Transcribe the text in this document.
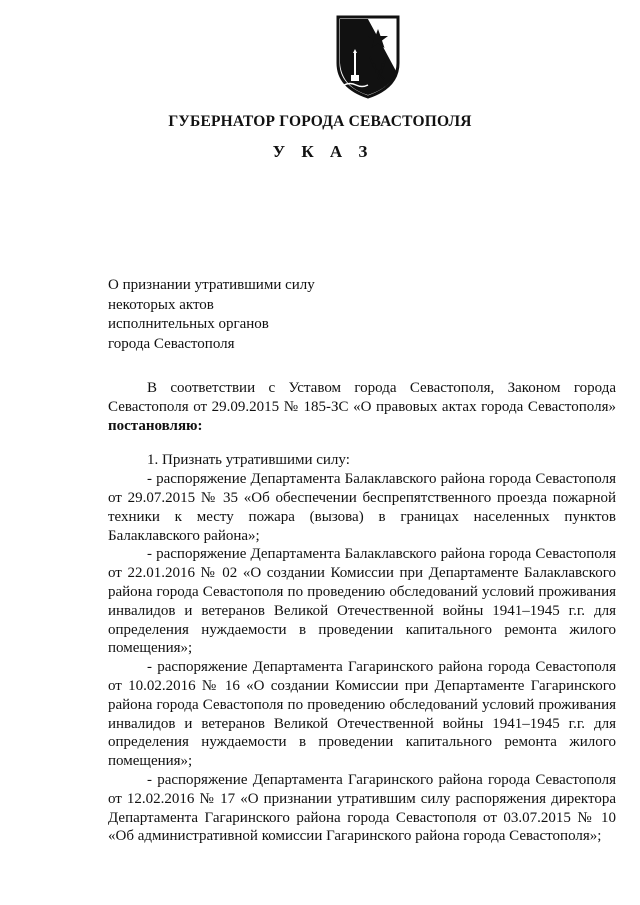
ГУБЕРНАТОР ГОРОДА СЕВАСТОПОЛЯ
У К А З
О признании утратившими силу
некоторых актов
исполнительных органов
города Севастополя

В соответствии с Уставом города Севастополя, Законом города Севастополя от 29.09.2015 № 185-ЗС «О правовых актах города Севастополя» постановляю:

1. Признать утратившими силу:

- распоряжение Департамента Балаклавского района города Севастополя от 29.07.2015 № 35 «Об обеспечении беспрепятственного проезда пожарной техники к месту пожара (вызова) в границах населенных пунктов Балаклавского района»;

- распоряжение Департамента Балаклавского района города Севастополя от 22.01.2016 № 02 «О создании Комиссии при Департаменте Балаклавского района города Севастополя по проведению обследований условий проживания инвалидов и ветеранов Великой Отечественной войны 1941–1945 г.г. для определения нуждаемости в проведении капитального ремонта жилого помещения»;

- распоряжение Департамента Гагаринского района города Севастополя от 10.02.2016 № 16 «О создании Комиссии при Департаменте Гагаринского района города Севастополя по проведению обследований условий проживания инвалидов и ветеранов Великой Отечественной войны 1941–1945 г.г. для определения нуждаемости в проведении капитального ремонта жилого помещения»;

- распоряжение Департамента Гагаринского района города Севастополя от 12.02.2016 № 17 «О признании утратившим силу распоряжения директора Департамента Гагаринского района города Севастополя от 03.07.2015 № 10 «Об административной комиссии Гагаринского района города Севастополя»;
